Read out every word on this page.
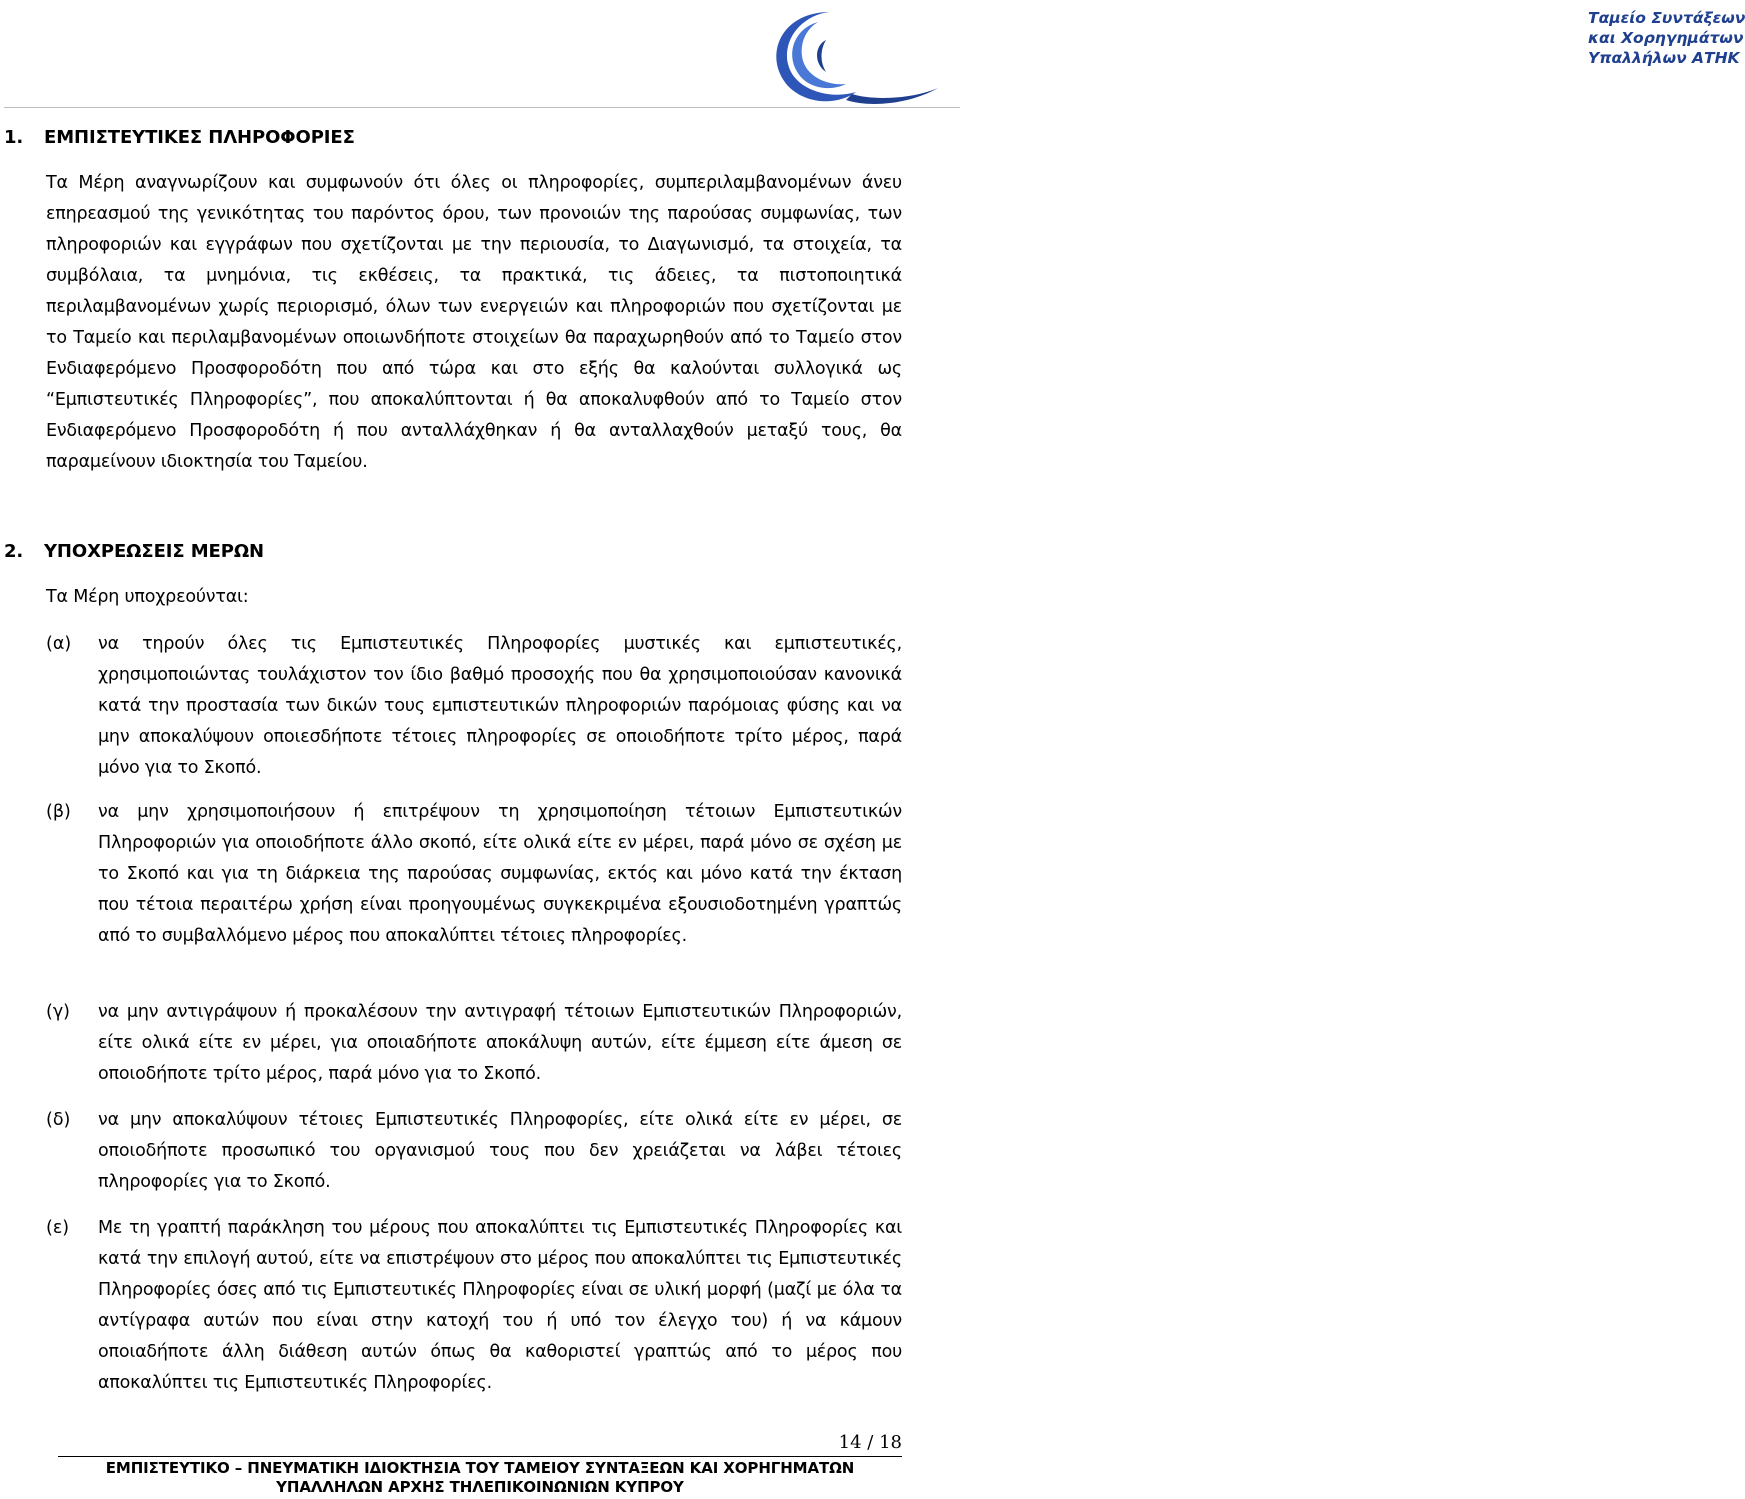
Ταμείο Συντάξεων
και Χορηγημάτων
Υπαλλήλων ΑΤΗΚ
1. ΕΜΠΙΣΤΕΥΤΙΚΕΣ ΠΛΗΡΟΦΟΡΙΕΣ
Τα Μέρη αναγνωρίζουν και συμφωνούν ότι όλες οι πληροφορίες, συμπεριλαμβανομένων άνευ επηρεασμού της γενικότητας του παρόντος όρου, των προνοιών της παρούσας συμφωνίας, των πληροφοριών και εγγράφων που σχετίζονται με την περιουσία, το Διαγωνισμό, τα στοιχεία, τα συμβόλαια, τα μνημόνια, τις εκθέσεις, τα πρακτικά, τις άδειες, τα πιστοποιητικά περιλαμβανομένων χωρίς περιορισμό, όλων των ενεργειών και πληροφοριών που σχετίζονται με το Ταμείο και περιλαμβανομένων οποιωνδήποτε στοιχείων θα παραχωρηθούν από το Ταμείο στον Ενδιαφερόμενο Προσφοροδότη που από τώρα και στο εξής θα καλούνται συλλογικά ως “Εμπιστευτικές Πληροφορίες”, που αποκαλύπτονται ή θα αποκαλυφθούν από το Ταμείο στον Ενδιαφερόμενο Προσφοροδότη ή που ανταλλάχθηκαν ή θα ανταλλαχθούν μεταξύ τους, θα παραμείνουν ιδιοκτησία του Ταμείου.
2. ΥΠΟΧΡΕΩΣΕΙΣ ΜΕΡΩΝ
Τα Μέρη υποχρεούνται:
(α) να τηρούν όλες τις Εμπιστευτικές Πληροφορίες μυστικές και εμπιστευτικές, χρησιμοποιώντας τουλάχιστον τον ίδιο βαθμό προσοχής που θα χρησιμοποιούσαν κανονικά κατά την προστασία των δικών τους εμπιστευτικών πληροφοριών παρόμοιας φύσης και να μην αποκαλύψουν οποιεσδήποτε τέτοιες πληροφορίες σε οποιοδήποτε τρίτο μέρος, παρά μόνο για το Σκοπό.
(β) να μην χρησιμοποιήσουν ή επιτρέψουν τη χρησιμοποίηση τέτοιων Εμπιστευτικών Πληροφοριών για οποιοδήποτε άλλο σκοπό, είτε ολικά είτε εν μέρει, παρά μόνο σε σχέση με το Σκοπό και για τη διάρκεια της παρούσας συμφωνίας, εκτός και μόνο κατά την έκταση που τέτοια περαιτέρω χρήση είναι προηγουμένως συγκεκριμένα εξουσιοδοτημένη γραπτώς από το συμβαλλόμενο μέρος που αποκαλύπτει τέτοιες πληροφορίες.
(γ) να μην αντιγράψουν ή προκαλέσουν την αντιγραφή τέτοιων Εμπιστευτικών Πληροφοριών, είτε ολικά είτε εν μέρει, για οποιαδήποτε αποκάλυψη αυτών, είτε έμμεση είτε άμεση σε οποιοδήποτε τρίτο μέρος, παρά μόνο για το Σκοπό.
(δ) να μην αποκαλύψουν τέτοιες Εμπιστευτικές Πληροφορίες, είτε ολικά είτε εν μέρει, σε οποιοδήποτε προσωπικό του οργανισμού τους που δεν χρειάζεται να λάβει τέτοιες πληροφορίες για το Σκοπό.
(ε) Με τη γραπτή παράκληση του μέρους που αποκαλύπτει τις Εμπιστευτικές Πληροφορίες και κατά την επιλογή αυτού, είτε να επιστρέψουν στο μέρος που αποκαλύπτει τις Εμπιστευτικές Πληροφορίες όσες από τις Εμπιστευτικές Πληροφορίες είναι σε υλική μορφή (μαζί με όλα τα αντίγραφα αυτών που είναι στην κατοχή του ή υπό τον έλεγχο του) ή να κάμουν οποιαδήποτε άλλη διάθεση αυτών όπως θα καθοριστεί γραπτώς από το μέρος που αποκαλύπτει τις Εμπιστευτικές Πληροφορίες.
14 / 18
ΕΜΠΙΣΤΕΥΤΙΚΟ – ΠΝΕΥΜΑΤΙΚΗ ΙΔΙΟΚΤΗΣΙΑ ΤΟΥ ΤΑΜΕΙΟΥ ΣΥΝΤΑΞΕΩΝ ΚΑΙ ΧΟΡΗΓΗΜΑΤΩΝ
ΥΠΑΛΛΗΛΩΝ ΑΡΧΗΣ ΤΗΛΕΠΙΚΟΙΝΩΝΙΩΝ ΚΥΠΡΟΥ
